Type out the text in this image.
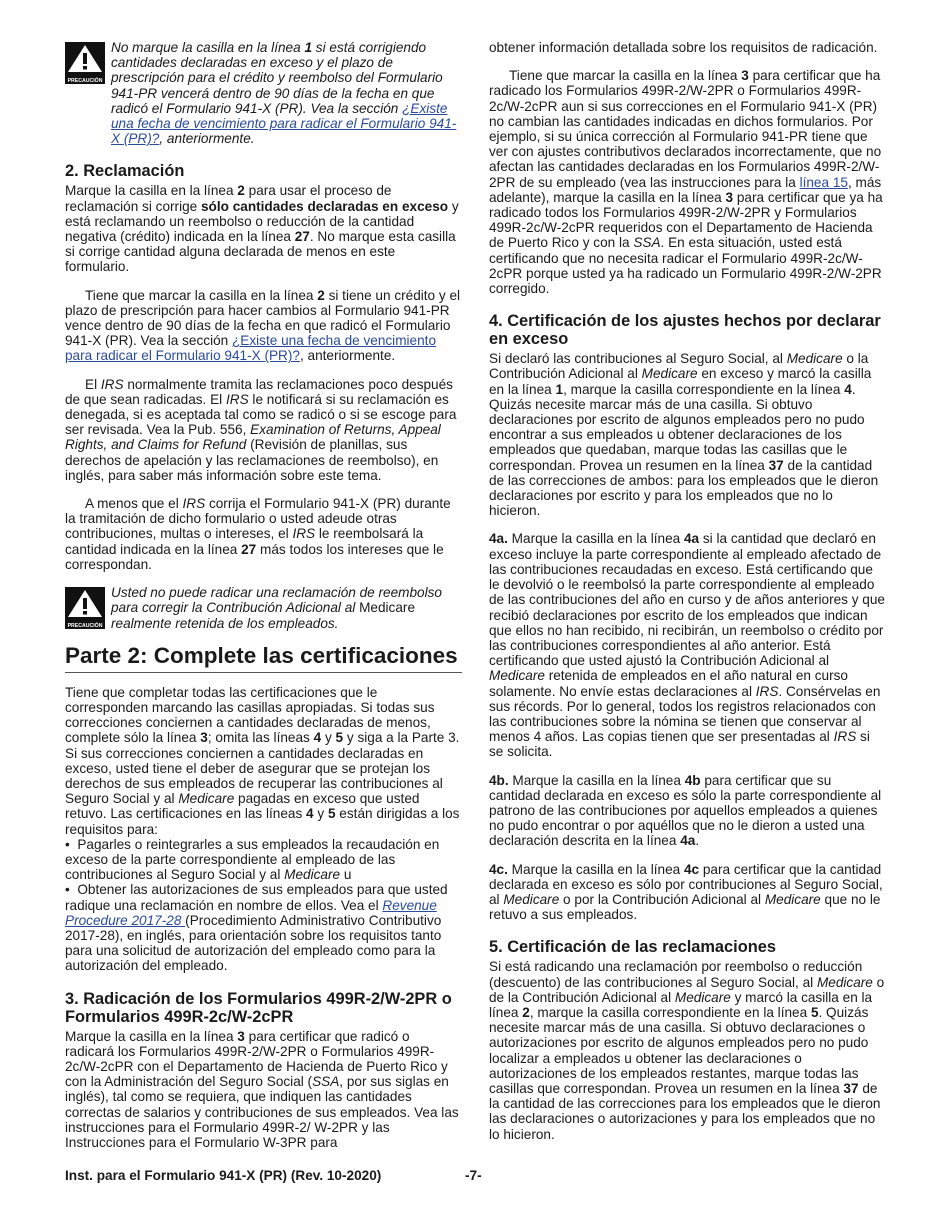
PRECAUCIÓN
No marque la casilla en la línea 1 si está corrigiendo cantidades declaradas en exceso y el plazo de prescripción para el crédito y reembolso del Formulario 941-PR vencerá dentro de 90 días de la fecha en que radicó el Formulario 941-X (PR). Vea la sección ¿Existe una fecha de vencimiento para radicar el Formulario 941-X (PR)?, anteriormente.
2. Reclamación

Marque la casilla en la línea 2 para usar el proceso de reclamación si corrige sólo cantidades declaradas en exceso y está reclamando un reembolso o reducción de la cantidad negativa (crédito) indicada en la línea 27. No marque esta casilla si corrige cantidad alguna declarada de menos en este formulario.

Tiene que marcar la casilla en la línea 2 si tiene un crédito y el plazo de prescripción para hacer cambios al Formulario 941-PR vence dentro de 90 días de la fecha en que radicó el Formulario 941-X (PR). Vea la sección ¿Existe una fecha de vencimiento para radicar el Formulario 941-X (PR)?, anteriormente.

El IRS normalmente tramita las reclamaciones poco después de que sean radicadas. El IRS le notificará si su reclamación es denegada, si es aceptada tal como se radicó o si se escoge para ser revisada. Vea la Pub. 556, Examination of Returns, Appeal Rights, and Claims for Refund (Revisión de planillas, sus derechos de apelación y las reclamaciones de reembolso), en inglés, para saber más información sobre este tema.

A menos que el IRS corrija el Formulario 941-X (PR) durante la tramitación de dicho formulario o usted adeude otras contribuciones, multas o intereses, el IRS le reembolsará la cantidad indicada en la línea 27 más todos los intereses que le correspondan.

PRECAUCIÓN
Usted no puede radicar una reclamación de reembolso para corregir la Contribución Adicional al Medicare realmente retenida de los empleados.
Parte 2: Complete las certificaciones

Tiene que completar todas las certificaciones que le corresponden marcando las casillas apropiadas. Si todas sus correcciones conciernen a cantidades declaradas de menos, complete sólo la línea 3; omita las líneas 4 y 5 y siga a la Parte 3. Si sus correcciones conciernen a cantidades declaradas en exceso, usted tiene el deber de asegurar que se protejan los derechos de sus empleados de recuperar las contribuciones al Seguro Social y al Medicare pagadas en exceso que usted retuvo. Las certificaciones en las líneas 4 y 5 están dirigidas a los requisitos para:

•  Pagarles o reintegrarles a sus empleados la recaudación en exceso de la parte correspondiente al empleado de las contribuciones al Seguro Social y al Medicare u

•  Obtener las autorizaciones de sus empleados para que usted radique una reclamación en nombre de ellos. Vea el Revenue Procedure 2017-28 (Procedimiento Administrativo Contributivo 2017-28), en inglés, para orientación sobre los requisitos tanto para una solicitud de autorización del empleado como para la autorización del empleado.

3. Radicación de los Formularios 499R-2/W-2PR o Formularios 499R-2c/W-2cPR

Marque la casilla en la línea 3 para certificar que radicó o radicará los Formularios 499R-2/W-2PR o Formularios 499R-2c/W-2cPR con el Departamento de Hacienda de Puerto Rico y con la Administración del Seguro Social (SSA, por sus siglas en inglés), tal como se requiera, que indiquen las cantidades correctas de salarios y contribuciones de sus empleados. Vea las instrucciones para el Formulario 499R-2/ W-2PR y las Instrucciones para el Formulario W-3PR para

obtener información detallada sobre los requisitos de radicación.

Tiene que marcar la casilla en la línea 3 para certificar que ha radicado los Formularios 499R-2/W-2PR o Formularios 499R-2c/W-2cPR aun si sus correcciones en el Formulario 941-X (PR) no cambian las cantidades indicadas en dichos formularios. Por ejemplo, si su única corrección al Formulario 941-PR tiene que ver con ajustes contributivos declarados incorrectamente, que no afectan las cantidades declaradas en los Formularios 499R-2/W-2PR de su empleado (vea las instrucciones para la línea 15, más adelante), marque la casilla en la línea 3 para certificar que ya ha radicado todos los Formularios 499R-2/W-2PR y Formularios 499R-2c/W-2cPR requeridos con el Departamento de Hacienda de Puerto Rico y con la SSA. En esta situación, usted está certificando que no necesita radicar el Formulario 499R-2c/W-2cPR porque usted ya ha radicado un Formulario 499R-2/W-2PR corregido.

4. Certificación de los ajustes hechos por declarar en exceso

Si declaró las contribuciones al Seguro Social, al Medicare o la Contribución Adicional al Medicare en exceso y marcó la casilla en la línea 1, marque la casilla correspondiente en la línea 4. Quizás necesite marcar más de una casilla. Si obtuvo declaraciones por escrito de algunos empleados pero no pudo encontrar a sus empleados u obtener declaraciones de los empleados que quedaban, marque todas las casillas que le correspondan. Provea un resumen en la línea 37 de la cantidad de las correcciones de ambos: para los empleados que le dieron declaraciones por escrito y para los empleados que no lo hicieron.

4a. Marque la casilla en la línea 4a si la cantidad que declaró en exceso incluye la parte correspondiente al empleado afectado de las contribuciones recaudadas en exceso. Está certificando que le devolvió o le reembolsó la parte correspondiente al empleado de las contribuciones del año en curso y de años anteriores y que recibió declaraciones por escrito de los empleados que indican que ellos no han recibido, ni recibirán, un reembolso o crédito por las contribuciones correspondientes al año anterior. Está certificando que usted ajustó la Contribución Adicional al Medicare retenida de empleados en el año natural en curso solamente. No envíe estas declaraciones al IRS. Consérvelas en sus récords. Por lo general, todos los registros relacionados con las contribuciones sobre la nómina se tienen que conservar al menos 4 años. Las copias tienen que ser presentadas al IRS si se solicita.

4b. Marque la casilla en la línea 4b para certificar que su cantidad declarada en exceso es sólo la parte correspondiente al patrono de las contribuciones por aquellos empleados a quienes no pudo encontrar o por aquéllos que no le dieron a usted una declaración descrita en la línea 4a.

4c. Marque la casilla en la línea 4c para certificar que la cantidad declarada en exceso es sólo por contribuciones al Seguro Social, al Medicare o por la Contribución Adicional al Medicare que no le retuvo a sus empleados.

5. Certificación de las reclamaciones

Si está radicando una reclamación por reembolso o reducción (descuento) de las contribuciones al Seguro Social, al Medicare o de la Contribución Adicional al Medicare y marcó la casilla en la línea 2, marque la casilla correspondiente en la línea 5. Quizás necesite marcar más de una casilla. Si obtuvo declaraciones o autorizaciones por escrito de algunos empleados pero no pudo localizar a empleados u obtener las declaraciones o autorizaciones de los empleados restantes, marque todas las casillas que correspondan. Provea un resumen en la línea 37 de la cantidad de las correcciones para los empleados que le dieron las declaraciones o autorizaciones y para los empleados que no lo hicieron.

Inst. para el Formulario 941-X (PR) (Rev. 10-2020)	-7-
